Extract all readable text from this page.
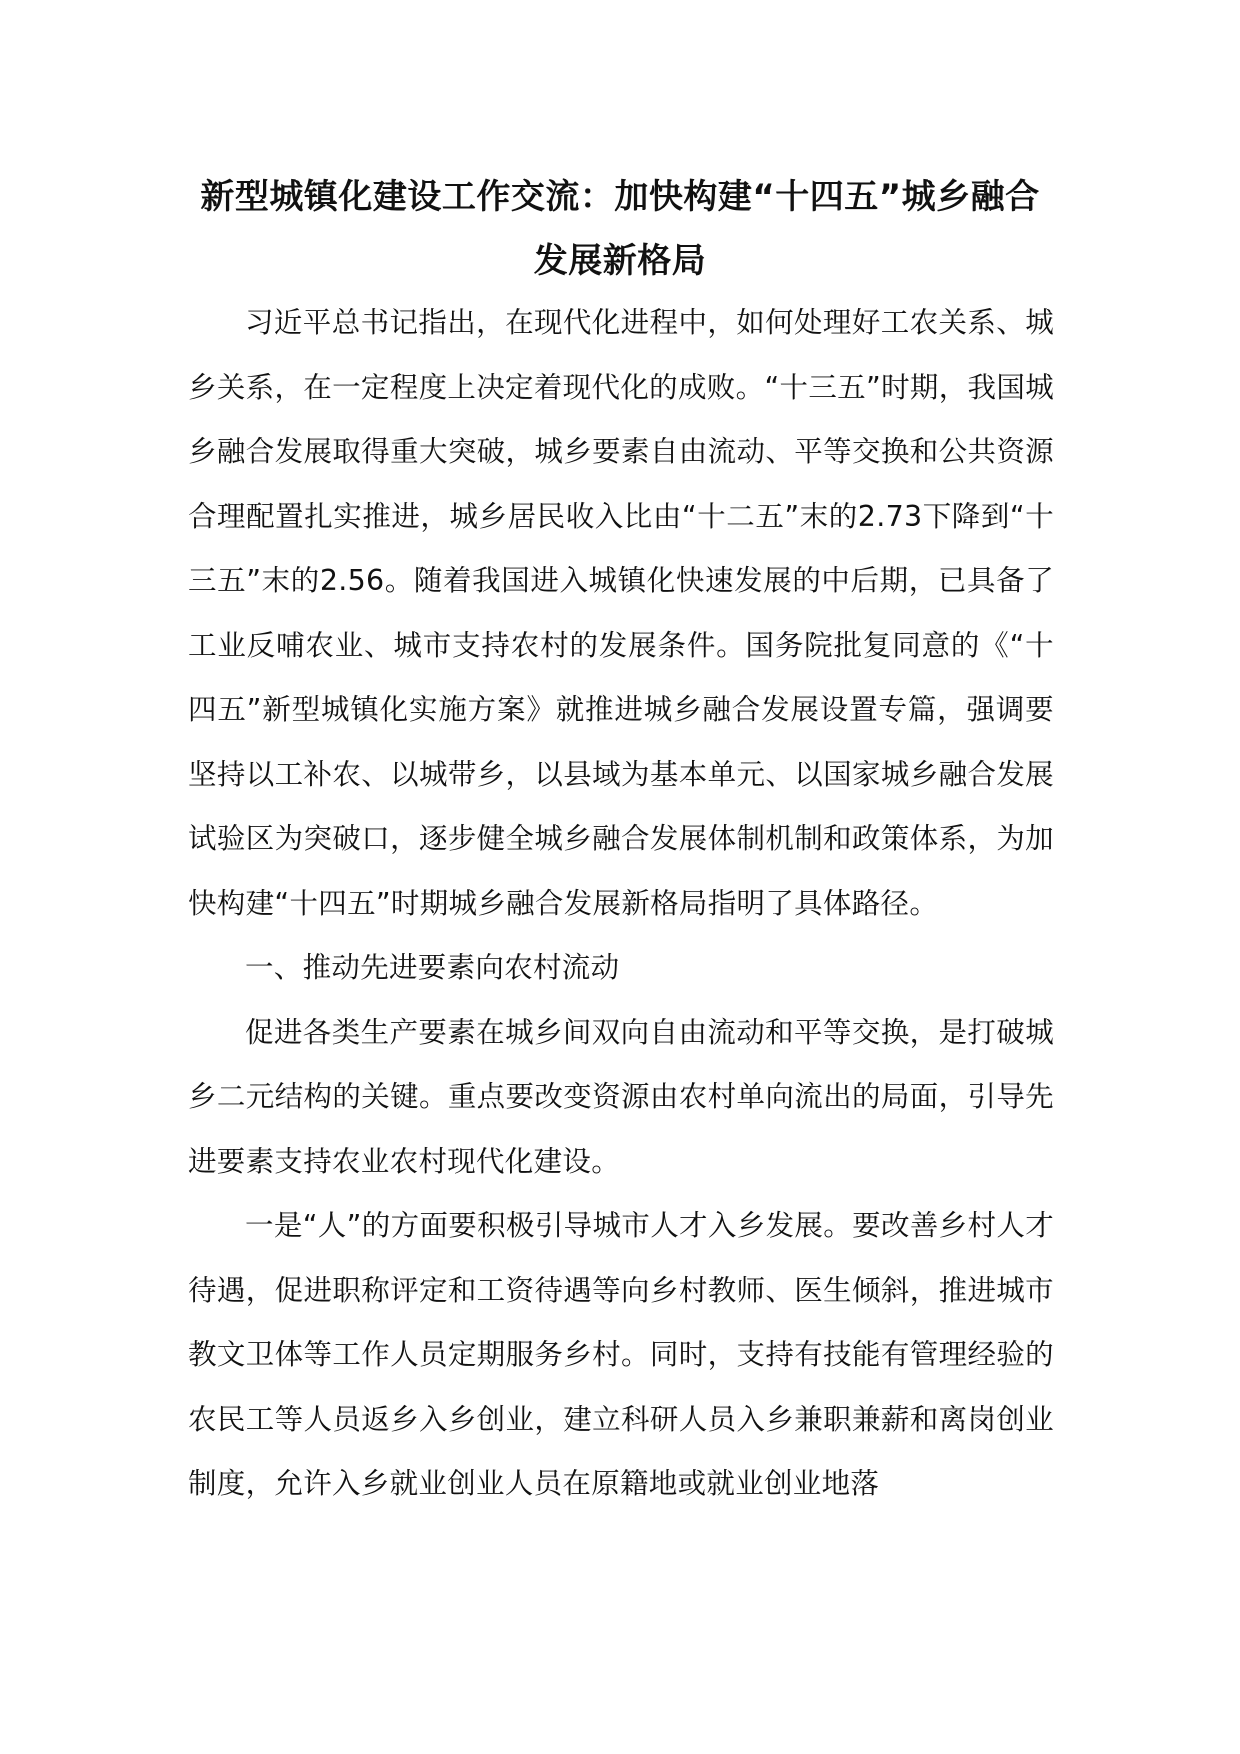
新型城镇化建设工作交流：加快构建“十四五”城乡融合发展新格局

习近平总书记指出，在现代化进程中，如何处理好工农关系、城乡关系，在一定程度上决定着现代化的成败。“十三五”时期，我国城乡融合发展取得重大突破，城乡要素自由流动、平等交换和公共资源合理配置扎实推进，城乡居民收入比由“十二五”末的2.73下降到“十三五”末的2.56。随着我国进入城镇化快速发展的中后期，已具备了工业反哺农业、城市支持农村的发展条件。国务院批复同意的《“十四五”新型城镇化实施方案》就推进城乡融合发展设置专篇，强调要坚持以工补农、以城带乡，以县域为基本单元、以国家城乡融合发展试验区为突破口，逐步健全城乡融合发展体制机制和政策体系，为加快构建“十四五”时期城乡融合发展新格局指明了具体路径。

一、推动先进要素向农村流动

促进各类生产要素在城乡间双向自由流动和平等交换，是打破城乡二元结构的关键。重点要改变资源由农村单向流出的局面，引导先进要素支持农业农村现代化建设。

一是“人”的方面要积极引导城市人才入乡发展。要改善乡村人才待遇，促进职称评定和工资待遇等向乡村教师、医生倾斜，推进城市教文卫体等工作人员定期服务乡村。同时，支持有技能有管理经验的农民工等人员返乡入乡创业，建立科研人员入乡兼职兼薪和离岗创业制度，允许入乡就业创业人员在原籍地或就业创业地落
